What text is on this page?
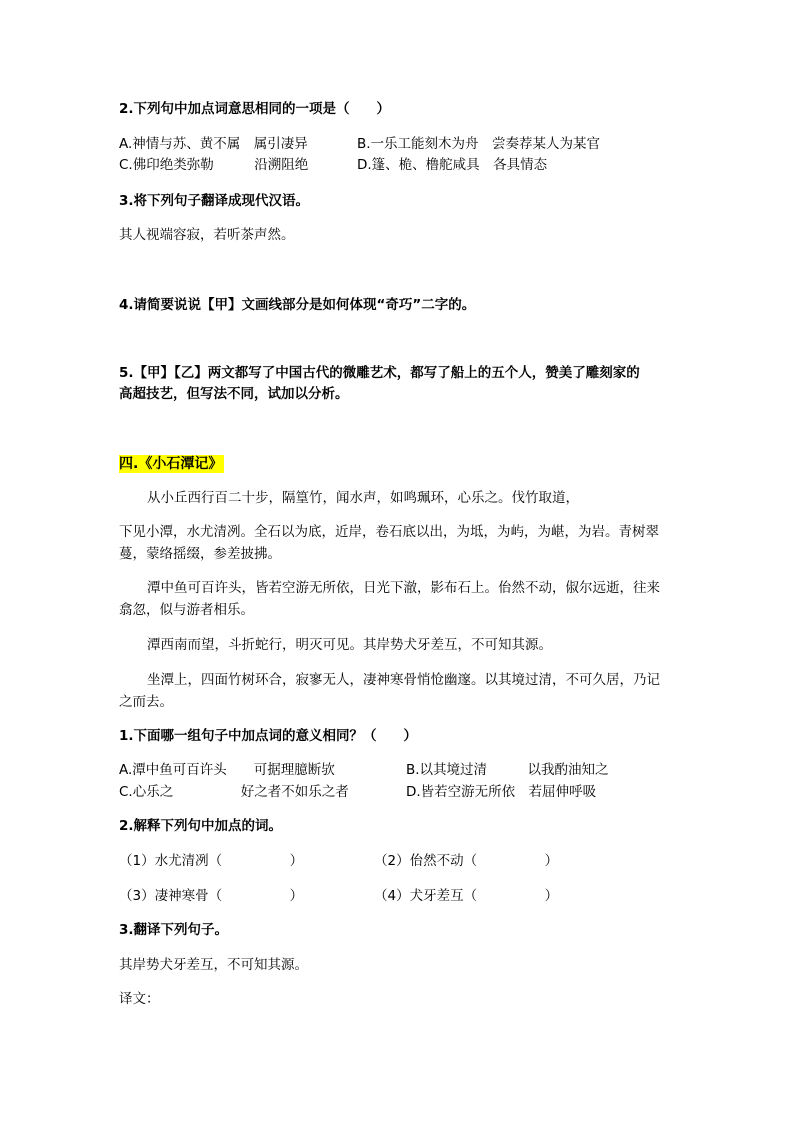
2.下列句中加点词意思相同的一项是（　　）
A.神情与苏、黄不属　属引凄异	B.一乐工能刻木为舟　尝奏荐某人为某官
C.佛印绝类弥勒　　　沿溯阻绝	D.篷、桅、橹舵咸具　各具情态
3.将下列句子翻译成现代汉语。
其人视端容寂，若听茶声然。
4.请简要说说【甲】文画线部分是如何体现“奇巧”二字的。
5.【甲】【乙】两文都写了中国古代的微雕艺术，都写了船上的五个人，赞美了雕刻家的
高超技艺，但写法不同，试加以分析。
四.《小石潭记》
从小丘西行百二十步，隔篁竹，闻水声，如鸣珮环，心乐之。伐竹取道，
下见小潭，水尤清冽。全石以为底，近岸，卷石底以出，为坻，为屿，为嵁，为岩。青树翠
蔓，蒙络摇缀，参差披拂。
潭中鱼可百许头，皆若空游无所依，日光下澈，影布石上。佁然不动，俶尔远逝，往来
翕忽，似与游者相乐。
潭西南而望，斗折蛇行，明灭可见。其岸势犬牙差互，不可知其源。
坐潭上，四面竹树环合，寂寥无人，凄神寒骨悄怆幽邃。以其境过清，不可久居，乃记
之而去。
1.下面哪一组句子中加点词的意义相同？（　　）
A.潭中鱼可百许头　　可据理臆断欤	B.以其境过清　　　以我酌油知之
C.心乐之　　　　　好之者不如乐之者	D.皆若空游无所依　若屈伸呼吸
2.解释下列句中加点的词。
（1）水尤清冽（　　　　　）	（2）佁然不动（　　　　　）
（3）凄神寒骨（　　　　　）	（4）犬牙差互（　　　　　）
3.翻译下列句子。
其岸势犬牙差互，不可知其源。
译文：
